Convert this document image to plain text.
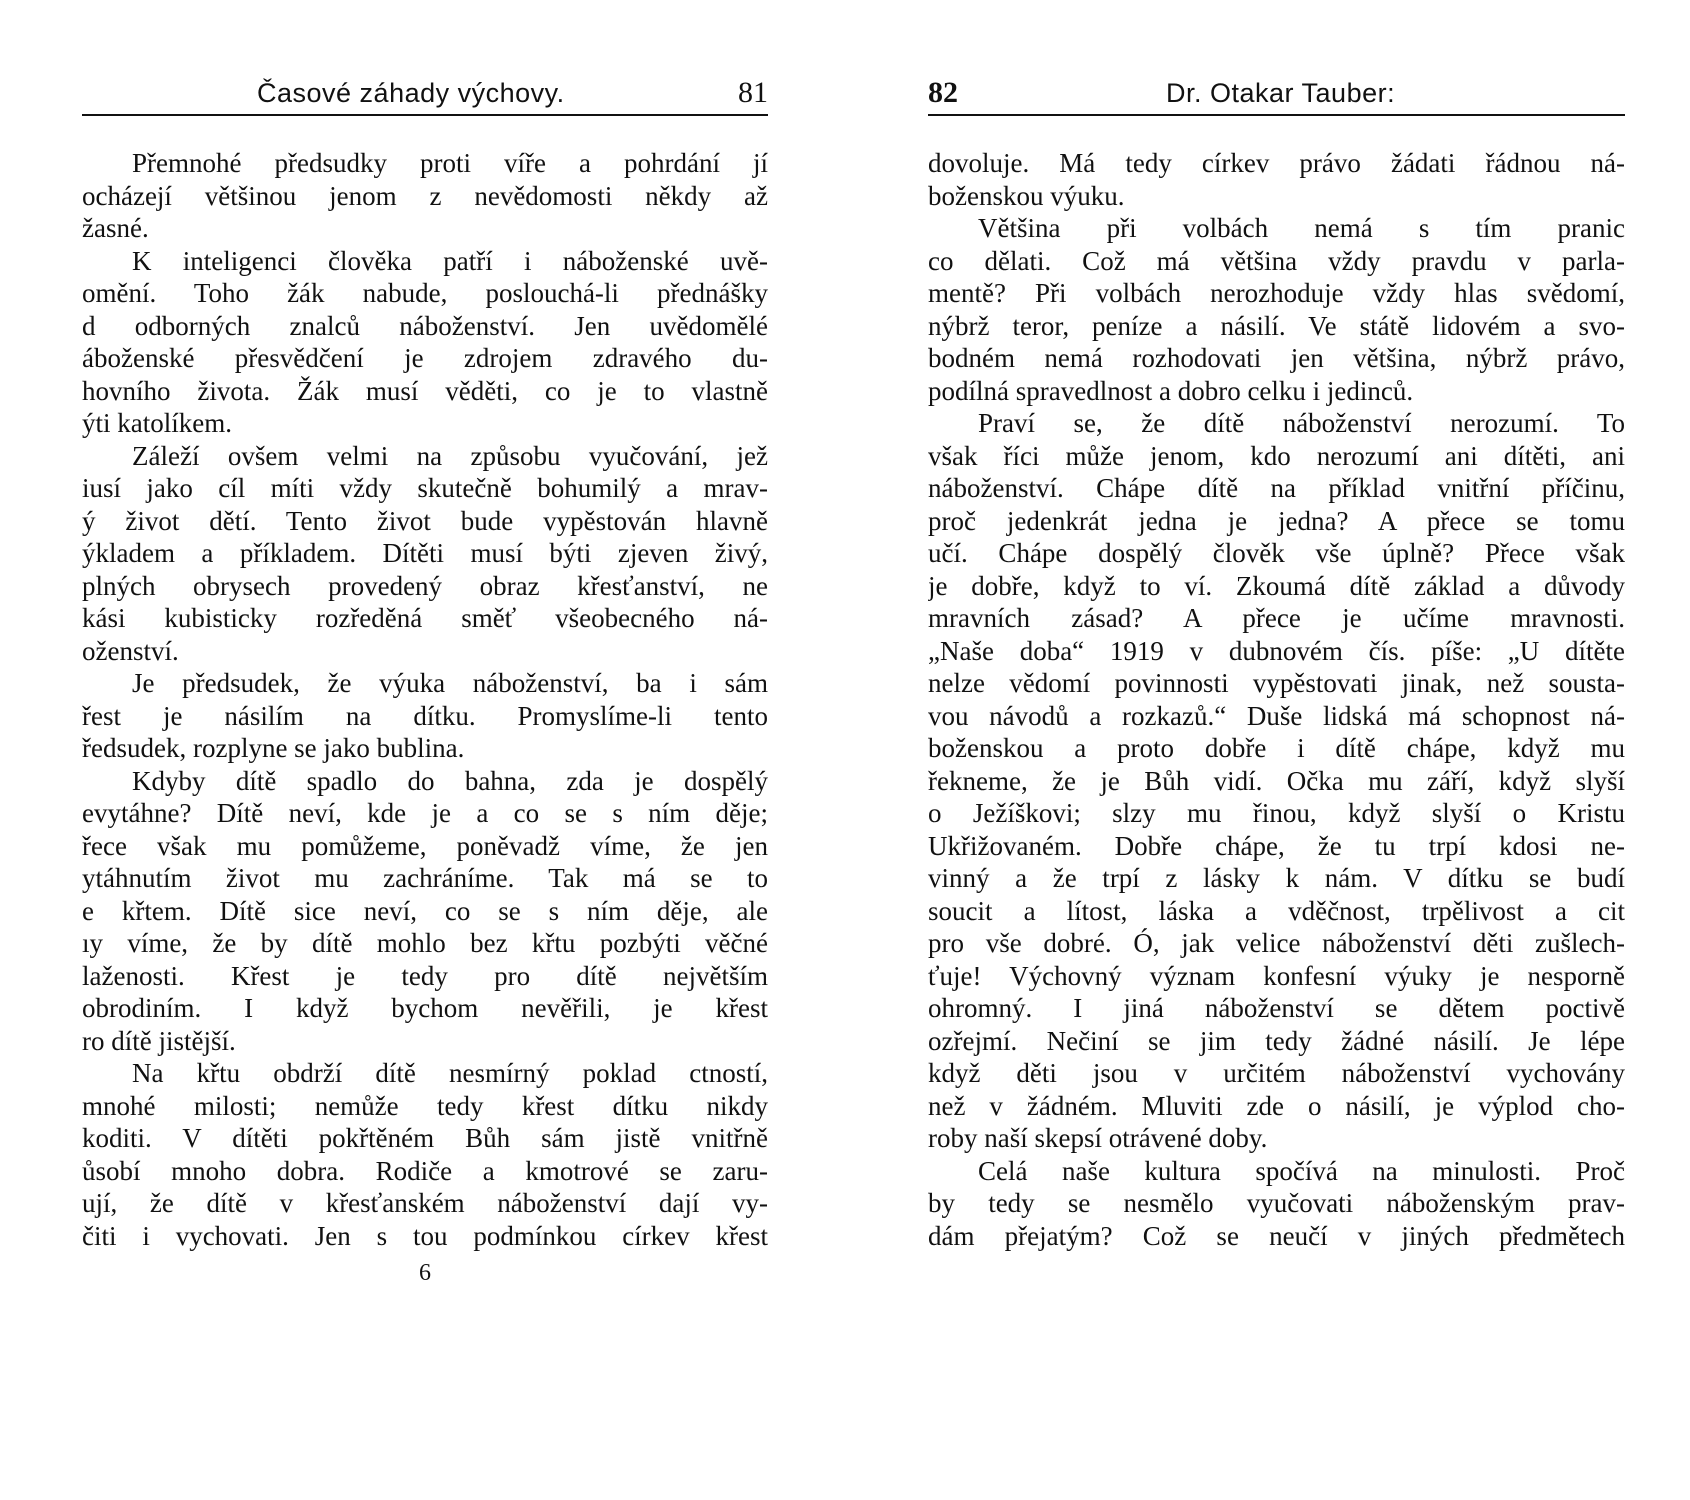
Časové záhady výchovy.	81
Přemnohé předsudky proti víře a pohrdání jí
ocházejí většinou jenom z nevědomosti někdy až
žasné.
K inteligenci člověka patří i náboženské uvě-
omění. Toho žák nabude, poslouchá-li přednášky
d odborných znalců náboženství. Jen uvědomělé
áboženské přesvědčení je zdrojem zdravého du-
hovního života. Žák musí věděti, co je to vlastně
ýti katolíkem.
Záleží ovšem velmi na způsobu vyučování, jež
iusí jako cíl míti vždy skutečně bohumilý a mrav-
ý život dětí. Tento život bude vypěstován hlavně
ýkladem a příkladem. Dítěti musí býti zjeven živý,
plných obrysech provedený obraz křesťanství, ne
kási kubisticky rozředěná směť všeobecného ná-
oženství.
Je předsudek, že výuka náboženství, ba i sám
řest je násilím na dítku. Promyslíme-li tento
ředsudek, rozplyne se jako bublina.
Kdyby dítě spadlo do bahna, zda je dospělý
evytáhne? Dítě neví, kde je a co se s ním děje;
řece však mu pomůžeme, poněvadž víme, že jen
ytáhnutím život mu zachráníme. Tak má se to
e křtem. Dítě sice neví, co se s ním děje, ale
ıy víme, že by dítě mohlo bez křtu pozbýti věčné
laženosti. Křest je tedy pro dítě největším
obrodiním. I když bychom nevěřili, je křest
ro dítě jistější.
Na křtu obdrží dítě nesmírný poklad ctností,
mnohé milosti; nemůže tedy křest dítku nikdy
koditi. V dítěti pokřtěném Bůh sám jistě vnitřně
ůsobí mnoho dobra. Rodiče a kmotrové se zaru-
ují, že dítě v křesťanském náboženství dají vy-
čiti i vychovati. Jen s tou podmínkou církev křest
6
82	Dr. Otakar Tauber:
dovoluje. Má tedy církev právo žádati řádnou ná-
boženskou výuku.
Většina při volbách nemá s tím pranic
co dělati. Což má většina vždy pravdu v parla-
mentě? Při volbách nerozhoduje vždy hlas svědomí,
nýbrž teror, peníze a násilí. Ve státě lidovém a svo-
bodném nemá rozhodovati jen většina, nýbrž právo,
podílná spravedlnost a dobro celku i jedinců.
Praví se, že dítě náboženství nerozumí. To
však říci může jenom, kdo nerozumí ani dítěti, ani
náboženství. Chápe dítě na příklad vnitřní příčinu,
proč jedenkrát jedna je jedna? A přece se tomu
učí. Chápe dospělý člověk vše úplně? Přece však
je dobře, když to ví. Zkoumá dítě základ a důvody
mravních zásad? A přece je učíme mravnosti.
„Naše doba“ 1919 v dubnovém čís. píše: „U dítěte
nelze vědomí povinnosti vypěstovati jinak, než sousta-
vou návodů a rozkazů.“ Duše lidská má schopnost ná-
boženskou a proto dobře i dítě chápe, když mu
řekneme, že je Bůh vidí. Očka mu září, když slyší
o Ježíškovi; slzy mu řinou, když slyší o Kristu
Ukřižovaném. Dobře chápe, že tu trpí kdosi ne-
vinný a že trpí z lásky k nám. V dítku se budí
soucit a lítost, láska a vděčnost, trpělivost a cit
pro vše dobré. Ó, jak velice náboženství děti zušlech-
ťuje! Výchovný význam konfesní výuky je nesporně
ohromný. I jiná náboženství se dětem poctivě
ozřejmí. Nečiní se jim tedy žádné násilí. Je lépe
když děti jsou v určitém náboženství vychovány
než v žádném. Mluviti zde o násilí, je výplod cho-
roby naší skepsí otrávené doby.
Celá naše kultura spočívá na minulosti. Proč
by tedy se nesmělo vyučovati náboženským prav-
dám přejatým? Což se neučí v jiných předmětech
